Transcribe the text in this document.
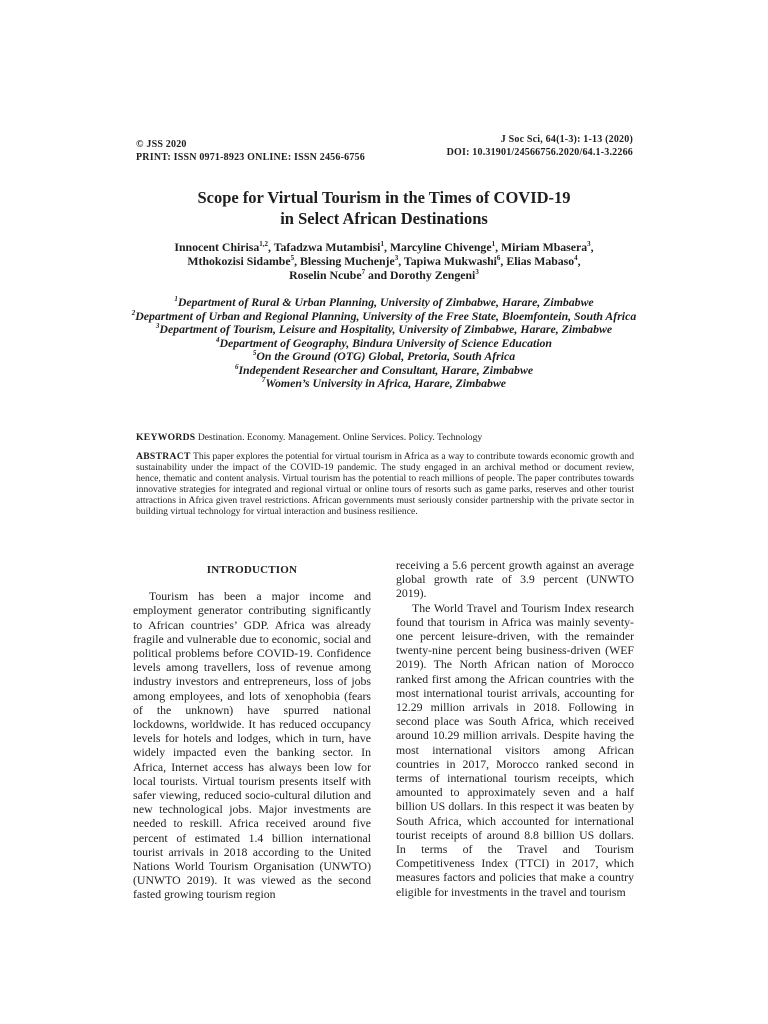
© JSS 2020
PRINT: ISSN 0971-8923 ONLINE: ISSN 2456-6756
J Soc Sci, 64(1-3): 1-13 (2020)
DOI: 10.31901/24566756.2020/64.1-3.2266
Scope for Virtual Tourism in the Times of COVID-19
in Select African Destinations
Innocent Chirisa$^{1,2}$, Tafadzwa Mutambisi$^1$, Marcyline Chivenge$^1$, Miriam Mbasera$^3$,
Mthokozisi Sidambe$^5$, Blessing Muchenje$^3$, Tapiwa Mukwashi$^6$, Elias Mabaso$^4$,
Roselin Ncube$^7$ and Dorothy Zengeni$^3$
$^1$Department of Rural & Urban Planning, University of Zimbabwe, Harare, Zimbabwe
$^2$Department of Urban and Regional Planning, University of the Free State, Bloemfontein, South Africa
$^3$Department of Tourism, Leisure and Hospitality, University of Zimbabwe, Harare, Zimbabwe
$^4$Department of Geography, Bindura University of Science Education
$^5$On the Ground (OTG) Global, Pretoria, South Africa
$^6$Independent Researcher and Consultant, Harare, Zimbabwe
$^7$Women’s University in Africa, Harare, Zimbabwe
KEYWORDS Destination. Economy. Management. Online Services. Policy. Technology
ABSTRACT This paper explores the potential for virtual tourism in Africa as a way to contribute towards economic growth and sustainability under the impact of the COVID-19 pandemic. The study engaged in an archival method or document review, hence, thematic and content analysis. Virtual tourism has the potential to reach millions of people. The paper contributes towards innovative strategies for integrated and regional virtual or online tours of resorts such as game parks, reserves and other tourist attractions in Africa given travel restrictions. African governments must seriously consider partnership with the private sector in building virtual technology for virtual interaction and business resilience.

INTRODUCTION

Tourism has been a major income and employment generator contributing significantly to African countries’ GDP. Africa was already fragile and vulnerable due to economic, social and political problems before COVID-19. Confidence levels among travellers, loss of revenue among industry investors and entrepreneurs, loss of jobs among employees, and lots of xenophobia (fears of the unknown) have spurred national lockdowns, worldwide. It has reduced occupancy levels for hotels and lodges, which in turn, have widely impacted even the banking sector. In Africa, Internet access has always been low for local tourists. Virtual tourism presents itself with safer viewing, reduced socio-cultural dilution and new technological jobs. Major investments are needed to reskill. Africa received around five percent of estimated 1.4 billion international tourist arrivals in 2018 according to the United Nations World Tourism Organisation (UNWTO) (UNWTO 2019). It was viewed as the second fasted growing tourism region

receiving a 5.6 percent growth against an average global growth rate of 3.9 percent (UNWTO 2019).

The World Travel and Tourism Index research found that tourism in Africa was mainly seventy-one percent leisure-driven, with the remainder twenty-nine percent being business-driven (WEF 2019). The North African nation of Morocco ranked first among the African countries with the most international tourist arrivals, accounting for 12.29 million arrivals in 2018. Following in second place was South Africa, which received around 10.29 million arrivals. Despite having the most international visitors among African countries in 2017, Morocco ranked second in terms of international tourism receipts, which amounted to approximately seven and a half billion US dollars. In this respect it was beaten by South Africa, which accounted for international tourist receipts of around 8.8 billion US dollars. In terms of the Travel and Tourism Competitiveness Index (TTCI) in 2017, which measures factors and policies that make a country eligible for investments in the travel and tourism
